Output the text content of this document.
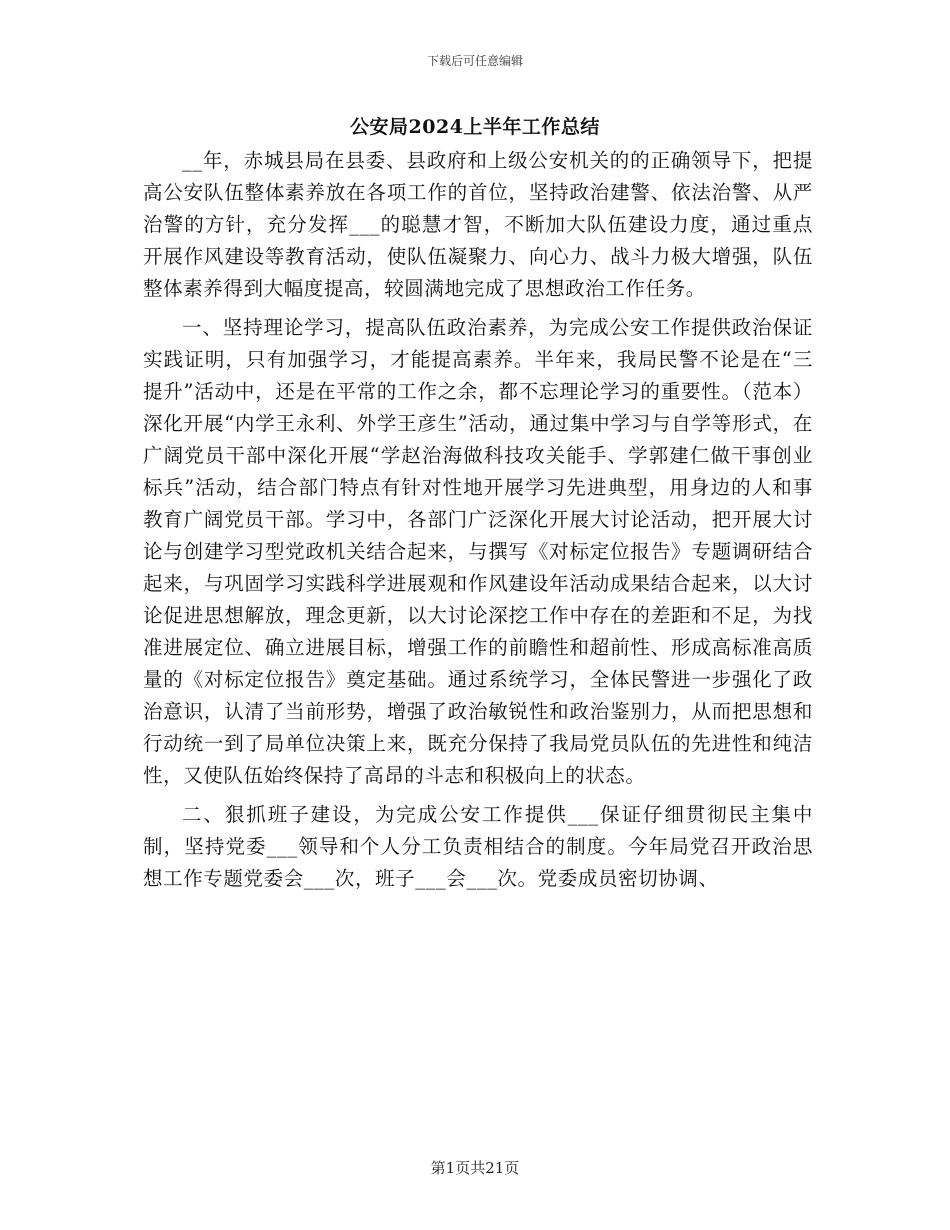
下载后可任意编辑
公安局2024上半年工作总结

__年，赤城县局在县委、县政府和上级公安机关的的正确领导下，把提高公安队伍整体素养放在各项工作的首位，坚持政治建警、依法治警、从严治警的方针，充分发挥___的聪慧才智，不断加大队伍建设力度，通过重点开展作风建设等教育活动，使队伍凝聚力、向心力、战斗力极大增强，队伍整体素养得到大幅度提高，较圆满地完成了思想政治工作任务。

一、坚持理论学习，提高队伍政治素养，为完成公安工作提供政治保证实践证明，只有加强学习，才能提高素养。半年来，我局民警不论是在“三提升”活动中，还是在平常的工作之余，都不忘理论学习的重要性。（范本）深化开展“内学王永利、外学王彦生”活动，通过集中学习与自学等形式，在广阔党员干部中深化开展“学赵治海做科技攻关能手、学郭建仁做干事创业标兵”活动，结合部门特点有针对性地开展学习先进典型，用身边的人和事教育广阔党员干部。学习中，各部门广泛深化开展大讨论活动，把开展大讨论与创建学习型党政机关结合起来，与撰写《对标定位报告》专题调研结合起来，与巩固学习实践科学进展观和作风建设年活动成果结合起来，以大讨论促进思想解放，理念更新，以大讨论深挖工作中存在的差距和不足，为找准进展定位、确立进展目标，增强工作的前瞻性和超前性、形成高标准高质量的《对标定位报告》奠定基础。通过系统学习，全体民警进一步强化了政治意识，认清了当前形势，增强了政治敏锐性和政治鉴别力，从而把思想和行动统一到了局单位决策上来，既充分保持了我局党员队伍的先进性和纯洁性，又使队伍始终保持了高昂的斗志和积极向上的状态。

二、狠抓班子建设，为完成公安工作提供___保证仔细贯彻民主集中制，坚持党委___领导和个人分工负责相结合的制度。今年局党召开政治思想工作专题党委会___次，班子___会___次。党委成员密切协调、

第1页共21页
